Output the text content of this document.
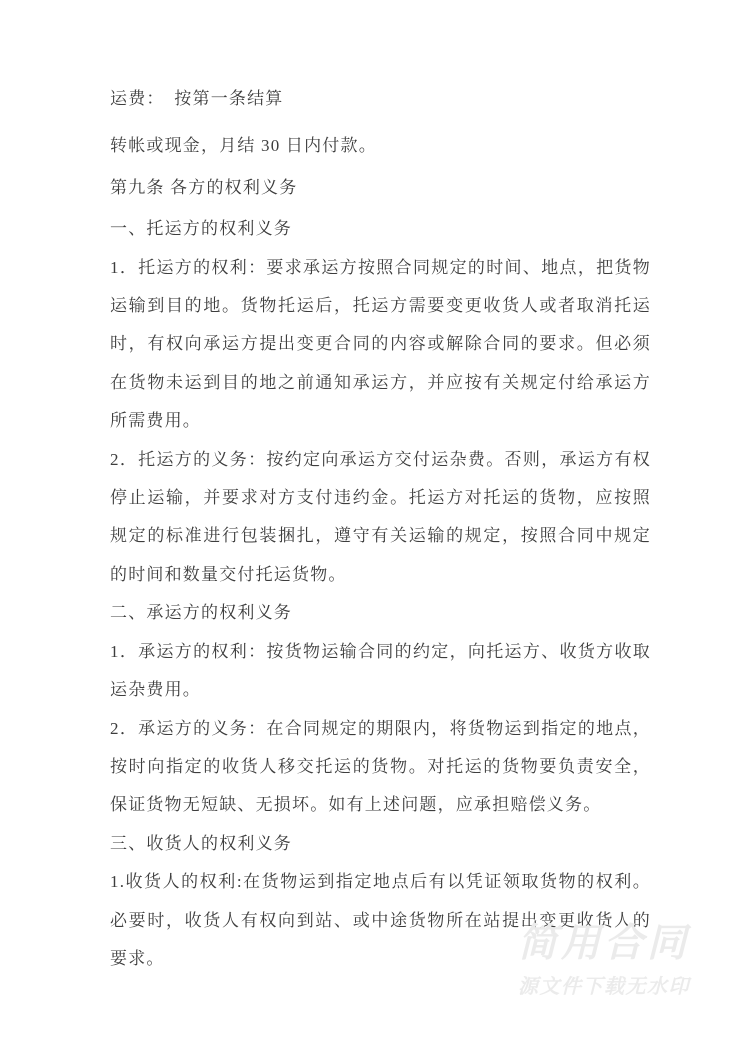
运费：　按第一条结算

转帐或现金，月结 30 日内付款。

第九条 各方的权利义务

一、托运方的权利义务

1．托运方的权利：要求承运方按照合同规定的时间、地点，把货物运输到目的地。货物托运后，托运方需要变更收货人或者取消托运时，有权向承运方提出变更合同的内容或解除合同的要求。但必须在货物未运到目的地之前通知承运方，并应按有关规定付给承运方所需费用。

2．托运方的义务：按约定向承运方交付运杂费。否则，承运方有权停止运输，并要求对方支付违约金。托运方对托运的货物，应按照规定的标准进行包装捆扎，遵守有关运输的规定，按照合同中规定的时间和数量交付托运货物。

二、承运方的权利义务

1．承运方的权利：按货物运输合同的约定，向托运方、收货方收取运杂费用。

2．承运方的义务：在合同规定的期限内，将货物运到指定的地点，按时向指定的收货人移交托运的货物。对托运的货物要负责安全，保证货物无短缺、无损坏。如有上述问题，应承担赔偿义务。

三、收货人的权利义务

1.收货人的权利:在货物运到指定地点后有以凭证领取货物的权利。必要时，收货人有权向到站、或中途货物所在站提出变更收货人的要求。	简用合同
源文件下载无水印
